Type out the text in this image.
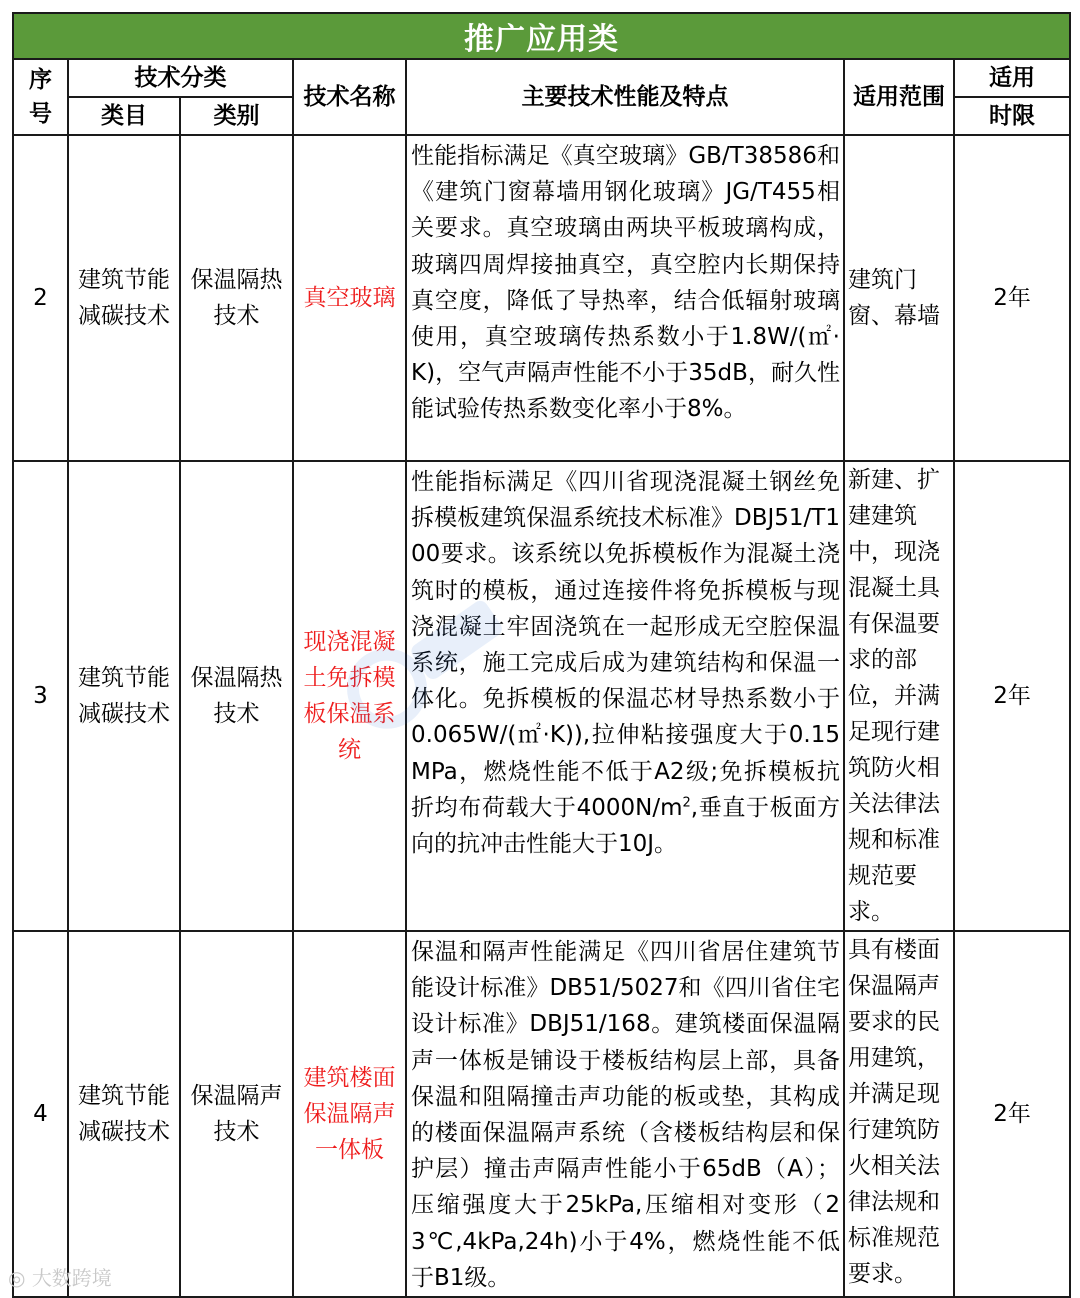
推广应用类						

序
号	技术分类		技术名称	主要技术性能及特点	适用范围	适用
	类目	类别				时限
2	建筑节能减碳技术	保温隔热技术	真空玻璃	性能指标满足《真空玻璃》GB/T38586和《建筑门窗幕墙用钢化玻璃》JG/T455相关要求。真空玻璃由两块平板玻璃构成，玻璃四周焊接抽真空，真空腔内长期保持真空度，降低了导热率，结合低辐射玻璃使用，真空玻璃传热系数小于1.8W/(㎡·K)，空气声隔声性能不小于35dB，耐久性能试验传热系数变化率小于8%。	建筑门窗、幕墙	2年
3	建筑节能减碳技术	保温隔热技术	现浇混凝土免拆模板保温系统	性能指标满足《四川省现浇混凝土钢丝免拆模板建筑保温系统技术标准》DBJ51/T100要求。该系统以免拆模板作为混凝土浇筑时的模板，通过连接件将免拆模板与现浇混凝土牢固浇筑在一起形成无空腔保温系统，施工完成后成为建筑结构和保温一体化。免拆模板的保温芯材导热系数小于0.065W/(㎡·K)),拉伸粘接强度大于0.15MPa，燃烧性能不低于A2级;免拆模板抗折均布荷载大于$4000N/m^2$,垂直于板面方向的抗冲击性能大于10J。	新建、扩建建筑中，现浇混凝土具有保温要求的部位，并满足现行建筑防火相关法律法规和标准规范要求。	2年
4	建筑节能减碳技术	保温隔声技术	建筑楼面保温隔声一体板	保温和隔声性能满足《四川省居住建筑节能设计标准》DB51/5027和《四川省住宅设计标准》DBJ51/168。建筑楼面保温隔声一体板是铺设于楼板结构层上部，具备保温和阻隔撞击声功能的板或垫，其构成的楼面保温隔声系统（含楼板结构层和保护层）撞击声隔声性能小于65dB（A）；压缩强度大于25kPa,压缩相对变形（23℃,4kPa,24h)小于4%，燃烧性能不低于B1级。	具有楼面保温隔声要求的民用建筑，并满足现行建筑防火相关法律法规和标准规范要求。	2年
◎ 大数跨境
